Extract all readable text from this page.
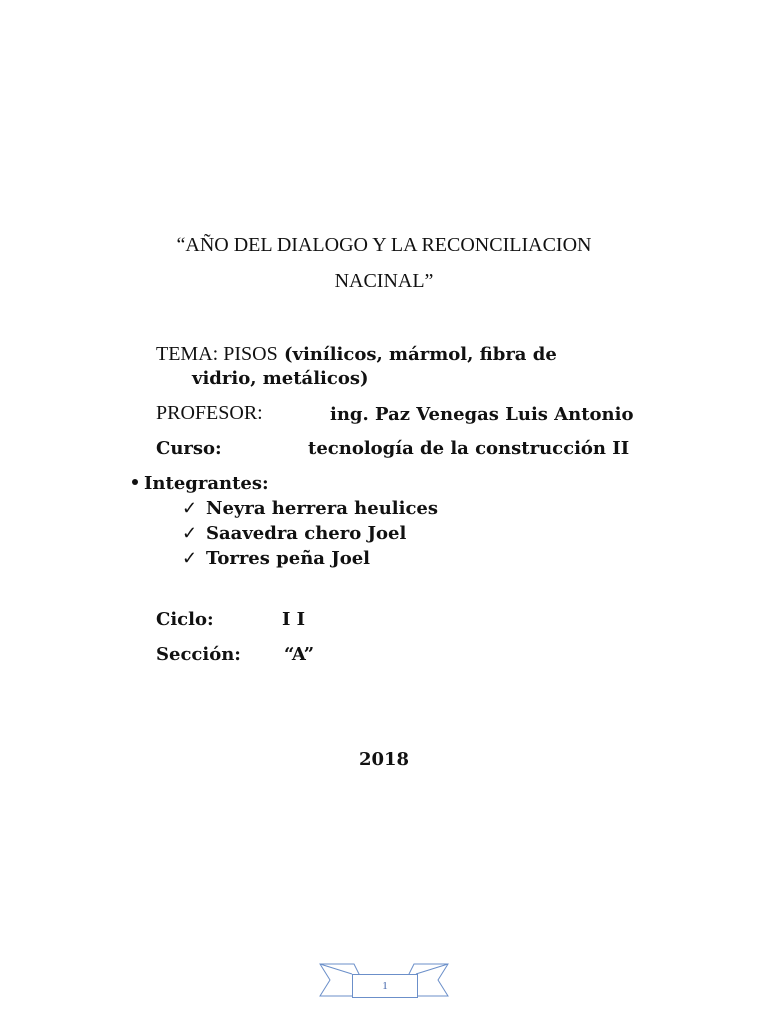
“AÑO DEL DIALOGO Y LA RECONCILIACION
NACINAL”
TEMA: PISOS (vinílicos, mármol, fibra de
vidrio, metálicos)
PROFESOR:	ing. Paz Venegas Luis Antonio
Curso:	tecnología de la construcción II
Integrantes:
✓ Neyra herrera heulices
✓ Saavedra chero Joel
✓ Torres peña Joel
Ciclo:	I I
Sección: “A”
2018
1
